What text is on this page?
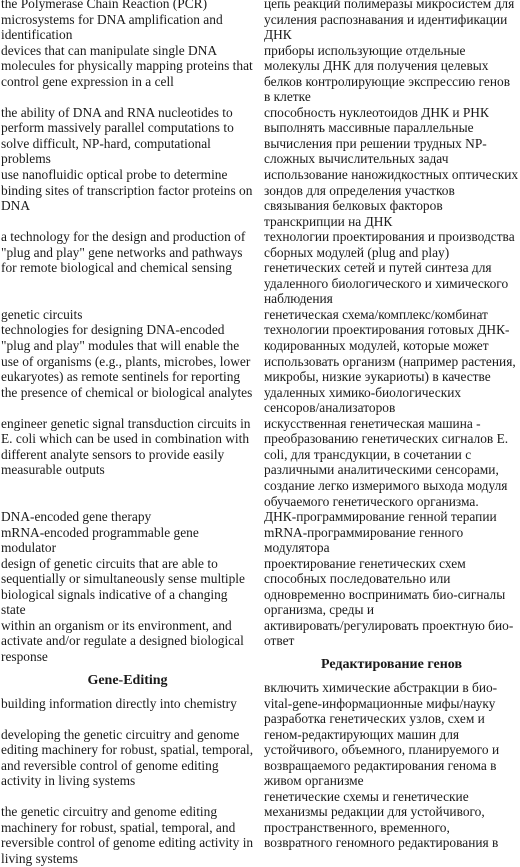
the Polymerase Chain Reaction (PCR)
microsystems for DNA amplification and
identification

devices that can manipulate single DNA
molecules for physically mapping proteins that
control gene expression in a cell

the ability of DNA and RNA nucleotides to
perform massively parallel computations to
solve difficult, NP-hard, computational
problems

use nanofluidic optical probe to determine
binding sites of transcription factor proteins on
DNA

a technology for the design and production of
"plug and play" gene networks and pathways
for remote biological and chemical sensing

genetic circuits

technologies for designing DNA-encoded
"plug and play" modules that will enable the
use of organisms (e.g., plants, microbes, lower
eukaryotes) as remote sentinels for reporting
the presence of chemical or biological analytes

engineer genetic signal transduction circuits in
E. coli which can be used in combination with
different analyte sensors to provide easily
measurable outputs

DNA-encoded gene therapy

mRNA-encoded programmable gene
modulator

design of genetic circuits that are able to
sequentially or simultaneously sense multiple
biological signals indicative of a changing state
within an organism or its environment, and
activate and/or regulate a designed biological
response

Gene-Editing

building information directly into chemistry

developing the genetic circuitry and genome
editing machinery for robust, spatial, temporal,
and reversible control of genome editing
activity in living systems

the genetic circuitry and genome editing
machinery for robust, spatial, temporal, and
reversible control of genome editing activity in
living systems

цепь реакций полимеразы микросистем для
усиления распознавания и идентификации
ДНК

приборы использующие отдельные
молекулы ДНК для получения целевых
белков контролирующие экспрессию генов
в клетке

способность нуклеотоидов ДНК и РНК
выполнять массивные параллельные
вычисления при решении трудных NP-
сложных вычислительных задач

использование наножидкостных оптических
зондов для определения участков
связывания белковых факторов
транскрипции на ДНК

технологии проектирования и производства
сборных модулей (plug and play)
генетических сетей и путей синтеза для
удаленного биологического и химического
наблюдения

генетическая схема/комплекс/комбинат

технологии проектирования готовых ДНК-
кодированных модулей, которые может
использовать организм (например растения,
микробы, низкие эукариоты) в качестве
удаленных химико-биологических
сенсоров/анализаторов

искусственная генетическая машина -
преобразованию генетических сигналов E.
coli, для трансдукции, в сочетании с
различными аналитическими сенсорами,
создание легко измеримого выхода модуля
обучаемого генетического организма.

ДНК-программирование генной терапии

mRNA-программирование генного
модулятора

проектирование генетических схем
способных последовательно или
одновременно воспринимать био-сигналы
организма, среды и
активировать/регулировать проектную био-
ответ

Редактирование генов

включить химические абстракции в био-
vital-gene-информационные мифы/науку

разработка генетических узлов, схем и
геном-редактирующих машин для
устойчивого, объемного, планируемого и
возвращаемого редактирования генома в
живом организме

генетические схемы и генетические
механизмы редакции для устойчивого,
пространственного, временного,
возвратного геномного редактирования в
